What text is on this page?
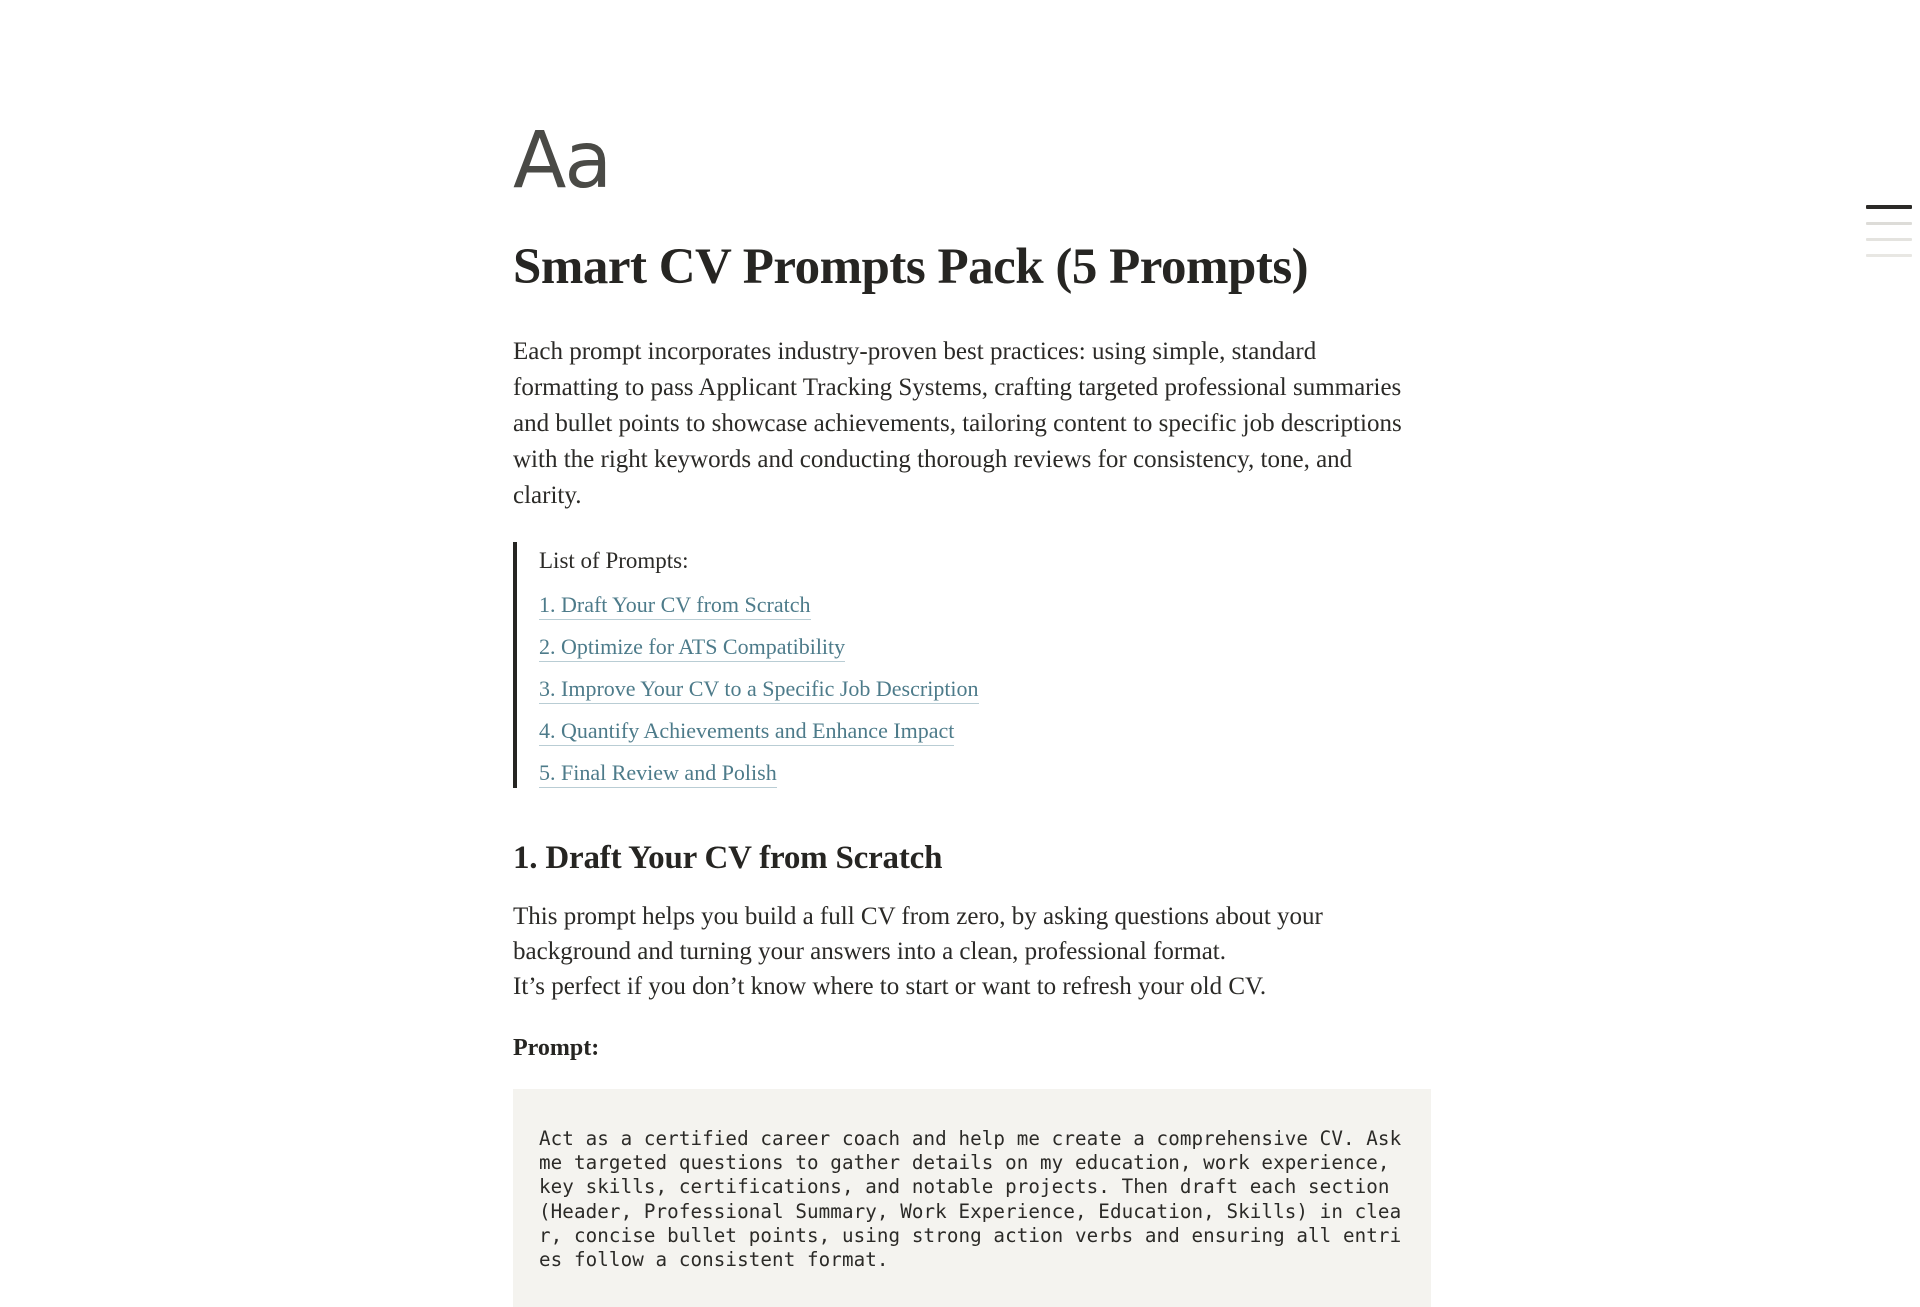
Aa
Smart CV Prompts Pack (5 Prompts)

Each prompt incorporates industry-proven best practices: using simple, standard formatting to pass Applicant Tracking Systems, crafting targeted professional summaries and bullet points to showcase achievements, tailoring content to specific job descriptions with the right keywords and conducting thorough reviews for consistency, tone, and clarity.

List of Prompts:
1. Draft Your CV from Scratch
2. Optimize for ATS Compatibility
3. Improve Your CV to a Specific Job Description
4. Quantify Achievements and Enhance Impact
5. Final Review and Polish
1. Draft Your CV from Scratch

This prompt helps you build a full CV from zero, by asking questions about your background and turning your answers into a clean, professional format.

It’s perfect if you don’t know where to start or want to refresh your old CV.

Prompt:
Act as a certified career coach and help me create a comprehensive CV. Ask me targeted questions to gather details on my education, work experience, key skills, certifications, and notable projects. Then draft each section (Header, Professional Summary, Work Experience, Education, Skills) in clear, concise bullet points, using strong action verbs and ensuring all entries follow a consistent format.
